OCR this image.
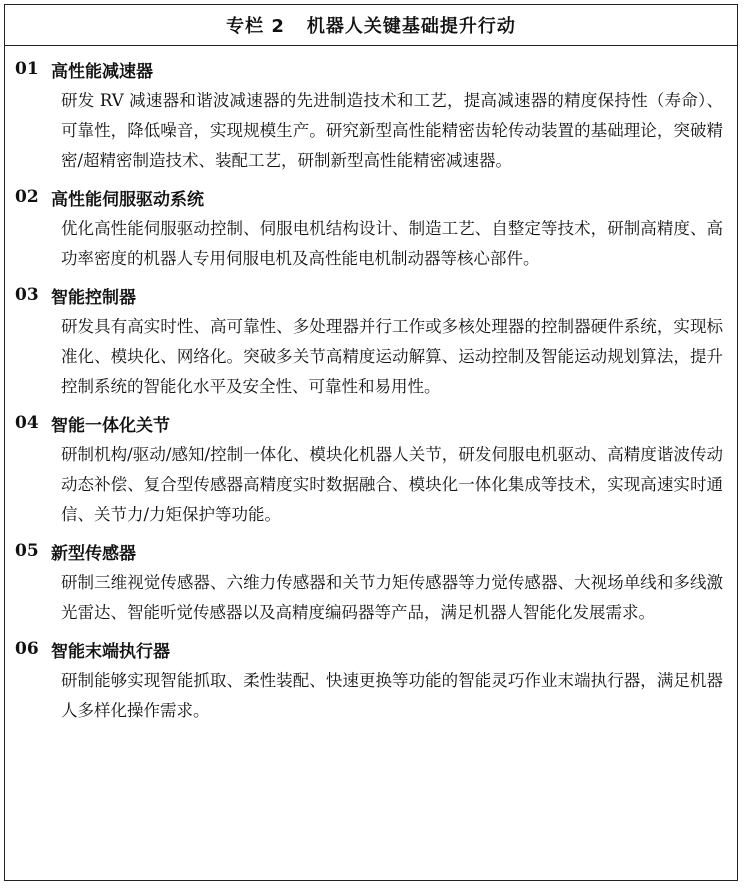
专栏 2 机器人关键基础提升行动
01 高性能减速器

研发 RV 减速器和谐波减速器的先进制造技术和工艺，提高减速器的精度保持性（寿命）、可靠性，降低噪音，实现规模生产。研究新型高性能精密齿轮传动装置的基础理论，突破精密/超精密制造技术、装配工艺，研制新型高性能精密减速器。

02 高性能伺服驱动系统

优化高性能伺服驱动控制、伺服电机结构设计、制造工艺、自整定等技术，研制高精度、高功率密度的机器人专用伺服电机及高性能电机制动器等核心部件。

03 智能控制器

研发具有高实时性、高可靠性、多处理器并行工作或多核处理器的控制器硬件系统，实现标准化、模块化、网络化。突破多关节高精度运动解算、运动控制及智能运动规划算法，提升控制系统的智能化水平及安全性、可靠性和易用性。

04 智能一体化关节

研制机构/驱动/感知/控制一体化、模块化机器人关节，研发伺服电机驱动、高精度谐波传动动态补偿、复合型传感器高精度实时数据融合、模块化一体化集成等技术，实现高速实时通信、关节力/力矩保护等功能。

05 新型传感器

研制三维视觉传感器、六维力传感器和关节力矩传感器等力觉传感器、大视场单线和多线激光雷达、智能听觉传感器以及高精度编码器等产品，满足机器人智能化发展需求。

06 智能末端执行器

研制能够实现智能抓取、柔性装配、快速更换等功能的智能灵巧作业末端执行器，满足机器人多样化操作需求。
